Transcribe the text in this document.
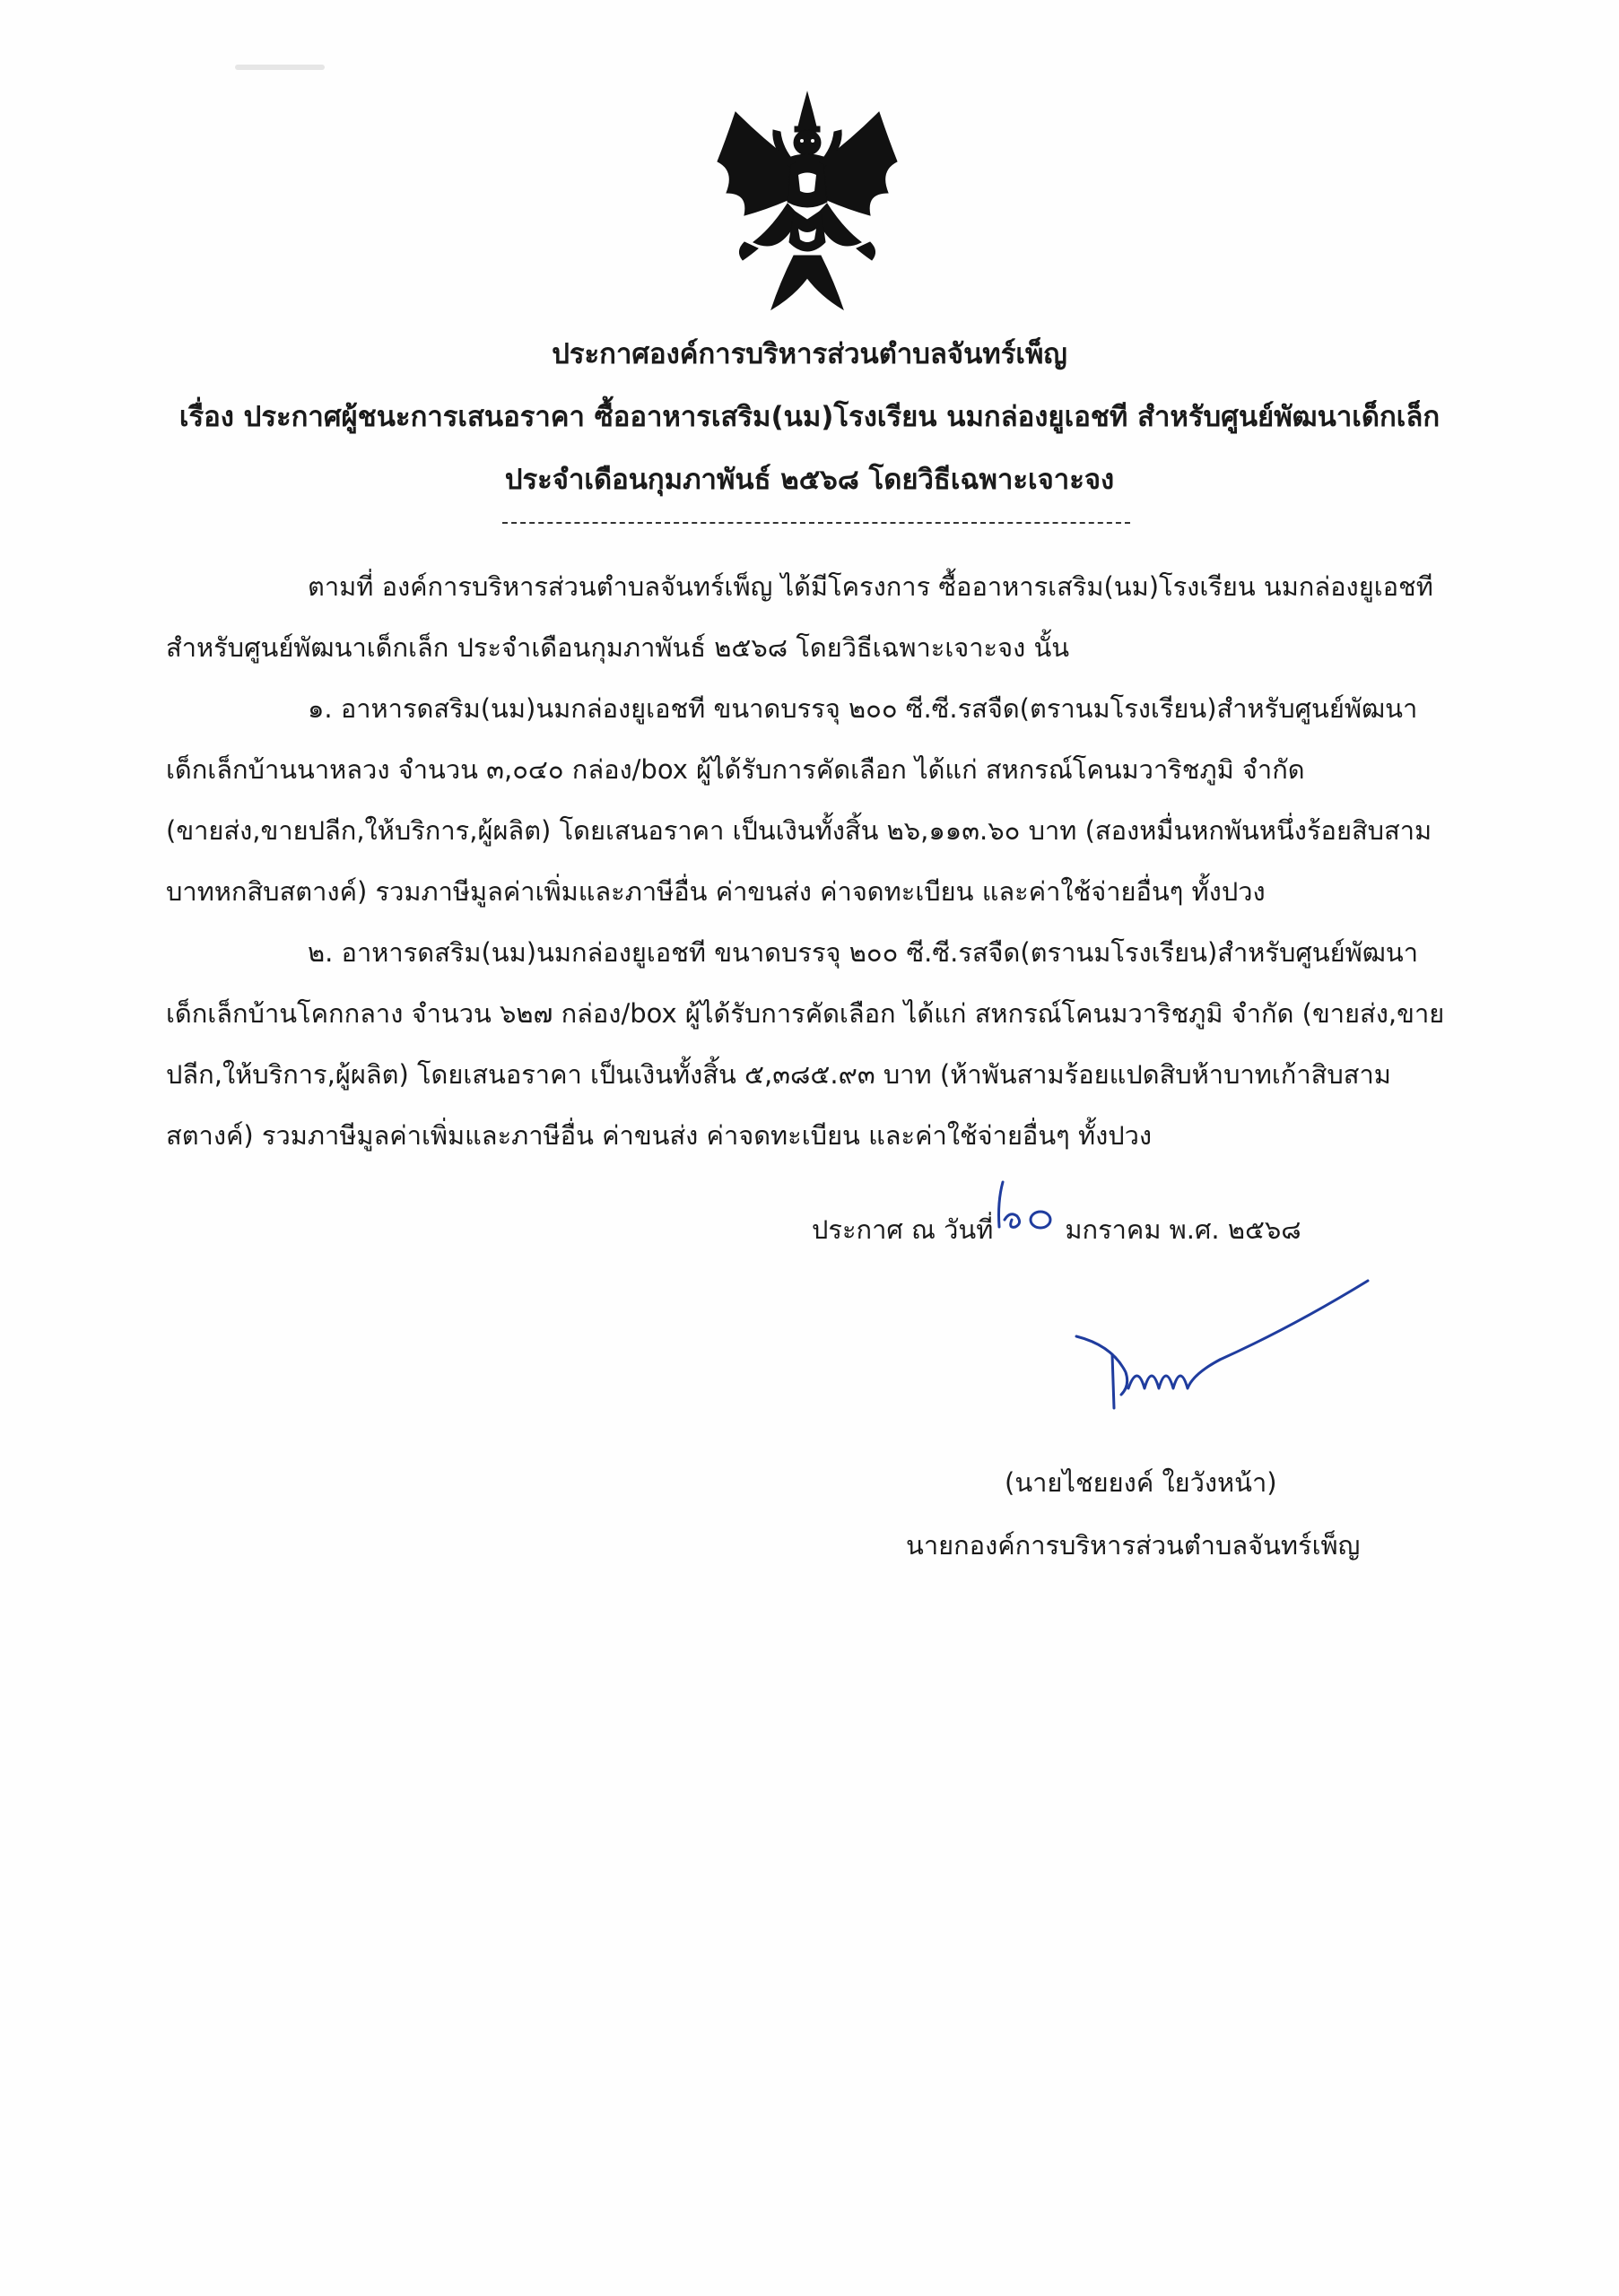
ประกาศองค์การบริหารส่วนตำบลจันทร์เพ็ญ
เรื่อง ประกาศผู้ชนะการเสนอราคา ซื้ออาหารเสริม(นม)โรงเรียน นมกล่องยูเอชที สำหรับศูนย์พัฒนาเด็กเล็ก
ประจำเดือนกุมภาพันธ์ ๒๕๖๘ โดยวิธีเฉพาะเจาะจง

ตามที่ องค์การบริหารส่วนตำบลจันทร์เพ็ญ ได้มีโครงการ ซื้ออาหารเสริม(นม)โรงเรียน นมกล่องยูเอชที
สำหรับศูนย์พัฒนาเด็กเล็ก ประจำเดือนกุมภาพันธ์ ๒๕๖๘ โดยวิธีเฉพาะเจาะจง นั้น

๑. อาหารดสริม(นม)นมกล่องยูเอชที ขนาดบรรจุ ๒๐๐ ซี.ซี.รสจืด(ตรานมโรงเรียน)สำหรับศูนย์พัฒนา
เด็กเล็กบ้านนาหลวง จำนวน ๓,๐๔๐ กล่อง/box ผู้ได้รับการคัดเลือก ได้แก่ สหกรณ์โคนมวาริชภูมิ จำกัด
(ขายส่ง,ขายปลีก,ให้บริการ,ผู้ผลิต) โดยเสนอราคา เป็นเงินทั้งสิ้น ๒๖,๑๑๓.๖๐ บาท (สองหมื่นหกพันหนึ่งร้อยสิบสาม
บาทหกสิบสตางค์) รวมภาษีมูลค่าเพิ่มและภาษีอื่น ค่าขนส่ง ค่าจดทะเบียน และค่าใช้จ่ายอื่นๆ ทั้งปวง

๒. อาหารดสริม(นม)นมกล่องยูเอชที ขนาดบรรจุ ๒๐๐ ซี.ซี.รสจืด(ตรานมโรงเรียน)สำหรับศูนย์พัฒนา
เด็กเล็กบ้านโคกกลาง จำนวน ๖๒๗ กล่อง/box ผู้ได้รับการคัดเลือก ได้แก่ สหกรณ์โคนมวาริชภูมิ จำกัด (ขายส่ง,ขาย
ปลีก,ให้บริการ,ผู้ผลิต) โดยเสนอราคา เป็นเงินทั้งสิ้น ๕,๓๘๕.๙๓ บาท (ห้าพันสามร้อยแปดสิบห้าบาทเก้าสิบสาม
สตางค์) รวมภาษีมูลค่าเพิ่มและภาษีอื่น ค่าขนส่ง ค่าจดทะเบียน และค่าใช้จ่ายอื่นๆ ทั้งปวง

ประกาศ ณ วันที่	มกราคม พ.ศ. ๒๕๖๘
(นายไชยยงค์ ใยวังหน้า)
นายกองค์การบริหารส่วนตำบลจันทร์เพ็ญ
